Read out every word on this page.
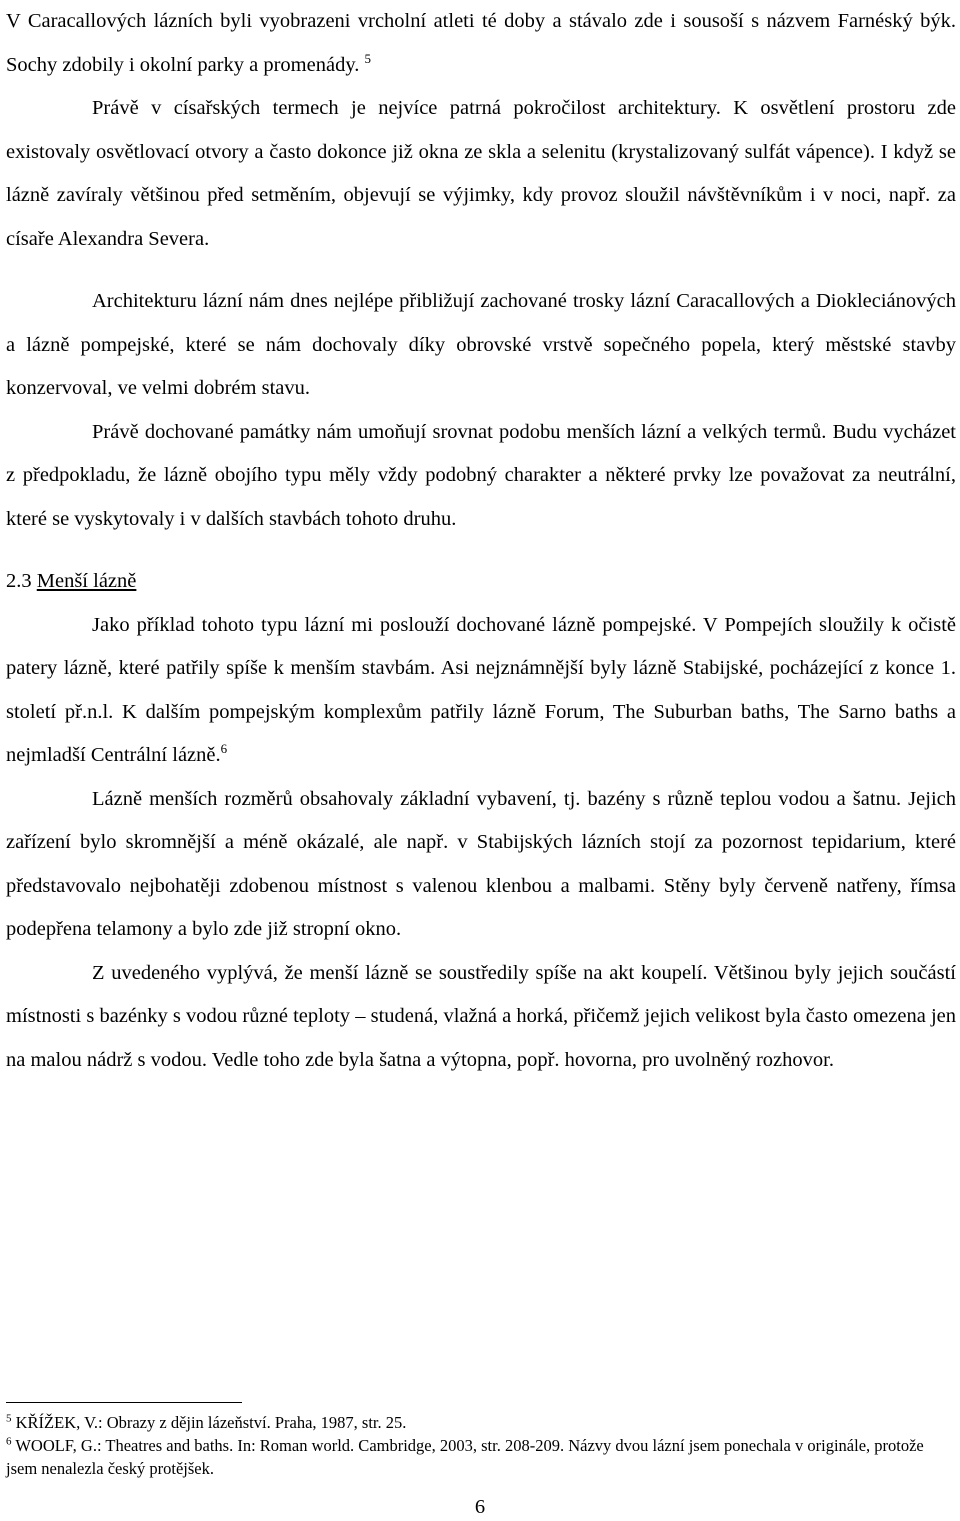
V Caracallových lázních byli vyobrazeni vrcholní atleti té doby a stávalo zde i sousoší s názvem Farnéský býk. Sochy zdobily i okolní parky a promenády. $^5$

Právě v císařských termech je nejvíce patrná pokročilost architektury. K osvětlení prostoru zde existovaly osvětlovací otvory a často dokonce již okna ze skla a selenitu (krystalizovaný sulfát vápence). I když se lázně zavíraly většinou před setměním, objevují se výjimky, kdy provoz sloužil návštěvníkům i v noci, např. za císaře Alexandra Severa.

Architekturu lázní nám dnes nejlépe přibližují zachované trosky lázní Caracallových a Diokleciánových a lázně pompejské, které se nám dochovaly díky obrovské vrstvě sopečného popela, který městské stavby konzervoval, ve velmi dobrém stavu.

Právě dochované památky nám umoňují srovnat podobu menších lázní a velkých termů. Budu vycházet z předpokladu, že lázně obojího typu měly vždy podobný charakter a některé prvky lze považovat za neutrální, které se vyskytovaly i v dalších stavbách tohoto druhu.

2.3 Menší lázně

Jako příklad tohoto typu lázní mi poslouží dochované lázně pompejské. V Pompejích sloužily k očistě patery lázně, které patřily spíše k menším stavbám. Asi nejznámnější byly lázně Stabijské, pocházející z konce 1. století př.n.l. K dalším pompejským komplexům patřily lázně Forum, The Suburban baths, The Sarno baths a nejmladší Centrální lázně.$^6$

Lázně menších rozměrů obsahovaly základní vybavení, tj. bazény s různě teplou vodou a šatnu. Jejich zařízení bylo skromnější a méně okázalé, ale např. v Stabijských lázních stojí za pozornost tepidarium, které představovalo nejbohatěji zdobenou místnost s valenou klenbou a malbami. Stěny byly červeně natřeny, římsa podepřena telamony a bylo zde již stropní okno.

Z uvedeného vyplývá, že menší lázně se soustředily spíše na akt koupelí. Většinou byly jejich součástí místnosti s bazénky s vodou různé teploty – studená, vlažná a horká, přičemž jejich velikost byla často omezena jen na malou nádrž s vodou. Vedle toho zde byla šatna a výtopna, popř. hovorna, pro uvolněný rozhovor.

$^5$ KŘÍŽEK, V.: Obrazy z dějin lázeňství. Praha, 1987, str. 25.

$^6$ WOOLF, G.: Theatres and baths. In: Roman world. Cambridge, 2003, str. 208-209. Názvy dvou lázní jsem ponechala v originále, protože jsem nenalezla český protějšek.

6
